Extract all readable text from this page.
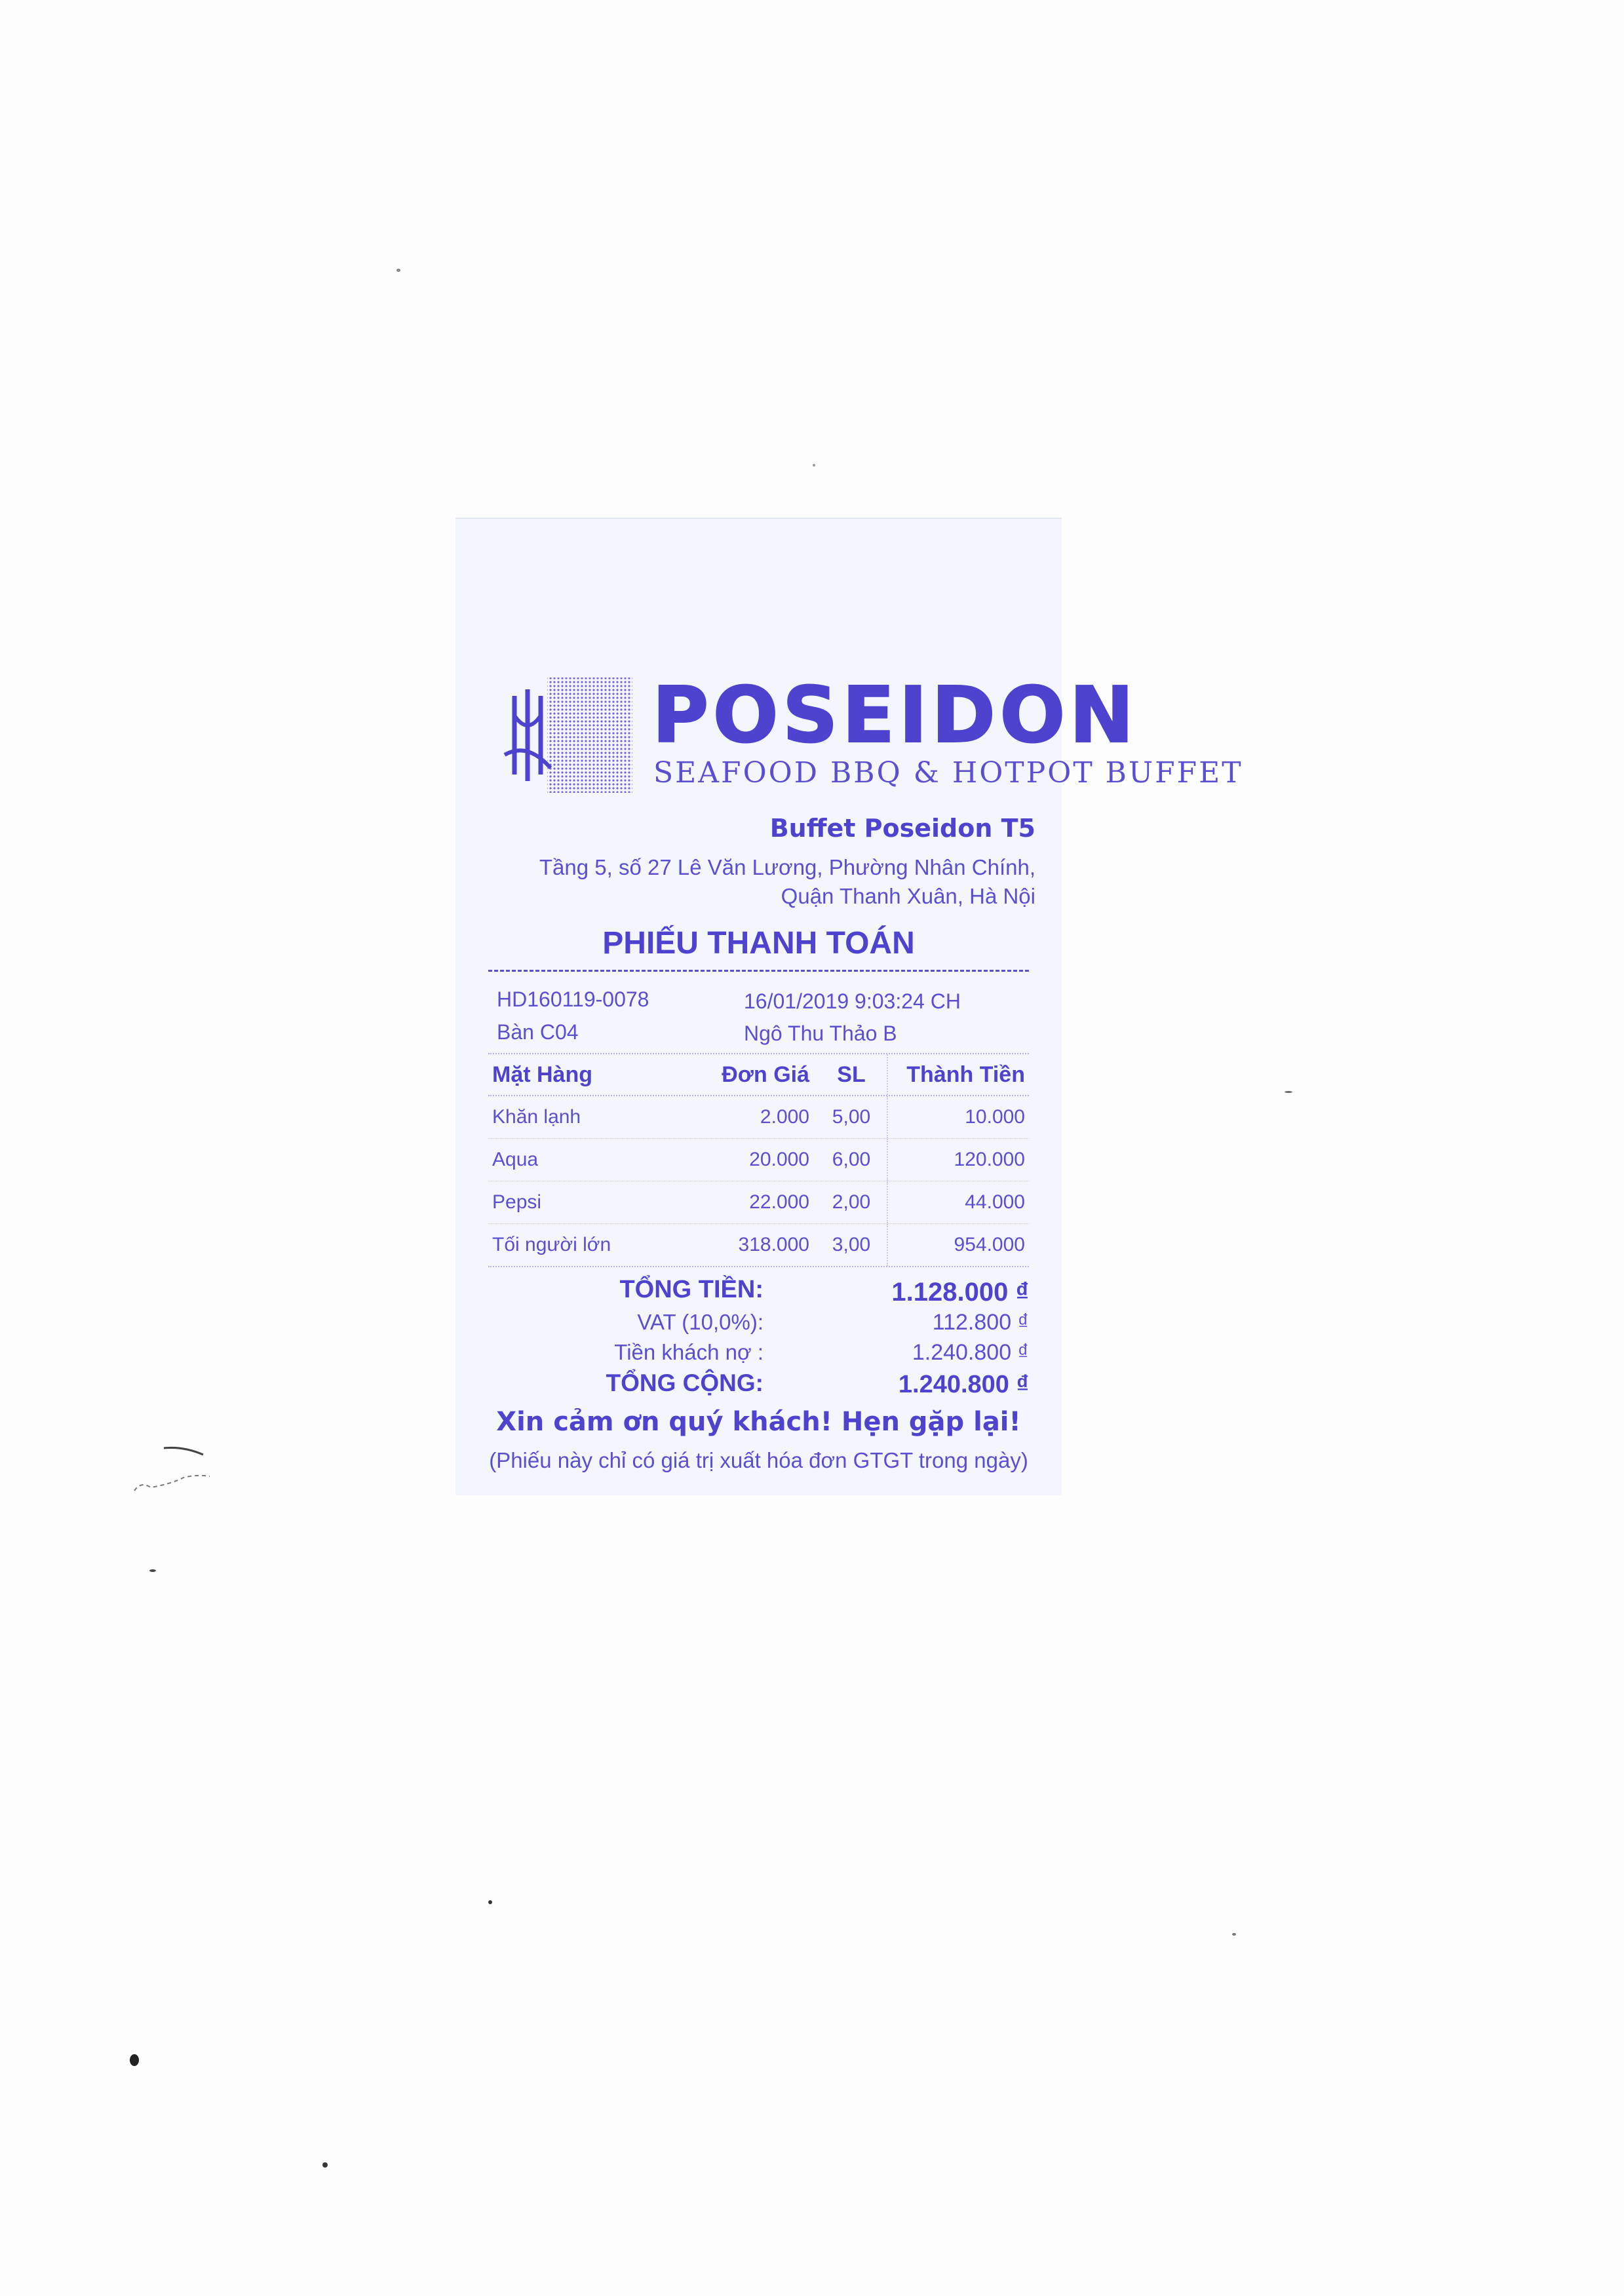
POSEIDON
SEAFOOD BBQ & HOTPOT BUFFET
Buffet Poseidon T5
Tầng 5, số 27 Lê Văn Lương, Phường Nhân Chính,
Quận Thanh Xuân, Hà Nội
PHIẾU THANH TOÁN
HD160119-0078	16/01/2019 9:03:24 CH
Bàn C04	Ngô Thu Thảo B
Mặt Hàng	Đơn Giá	SL	Thành Tiền
Khăn lạnh	2.000	5,00	10.000
Aqua	20.000	6,00	120.000
Pepsi	22.000	2,00	44.000
Tối người lớn	318.000	3,00	954.000
TỔNG TIỀN:	1.128.000 ₫
VAT (10,0%):	112.800 ₫
Tiền khách nợ :	1.240.800 ₫
TỔNG CỘNG:	1.240.800 ₫
Xin cảm ơn quý khách! Hẹn gặp lại!
(Phiếu này chỉ có giá trị xuất hóa đơn GTGT trong ngày)
